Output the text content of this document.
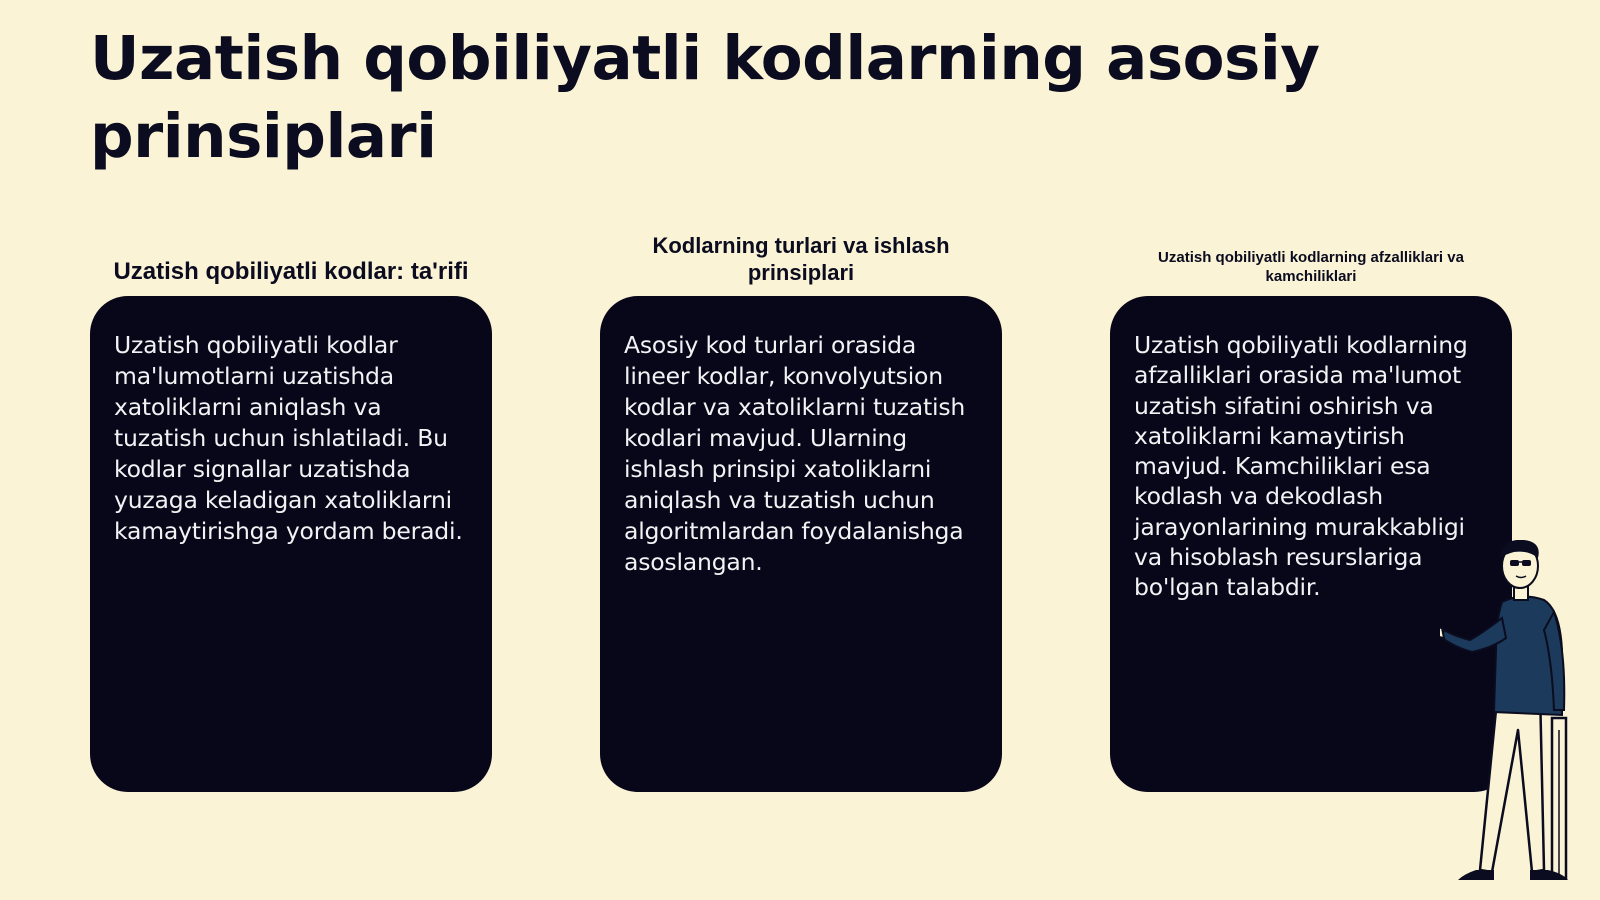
Uzatish qobiliyatli kodlarning asosiy prinsiplari
Uzatish qobiliyatli kodlar: ta'rifi

Uzatish qobiliyatli kodlar ma'lumotlarni uzatishda xatoliklarni aniqlash va tuzatish uchun ishlatiladi. Bu kodlar signallar uzatishda yuzaga keladigan xatoliklarni kamaytirishga yordam beradi.

Kodlarning turlari va ishlash prinsiplari

Asosiy kod turlari orasida lineer kodlar, konvolyutsion kodlar va xatoliklarni tuzatish kodlari mavjud. Ularning ishlash prinsipi xatoliklarni aniqlash va tuzatish uchun algoritmlardan foydalanishga asoslangan.

Uzatish qobiliyatli kodlarning afzalliklari va kamchiliklari

Uzatish qobiliyatli kodlarning afzalliklari orasida ma'lumot uzatish sifatini oshirish va xatoliklarni kamaytirish mavjud. Kamchiliklari esa kodlash va dekodlash jarayonlarining murakkabligi va hisoblash resurslariga bo'lgan talabdir.
